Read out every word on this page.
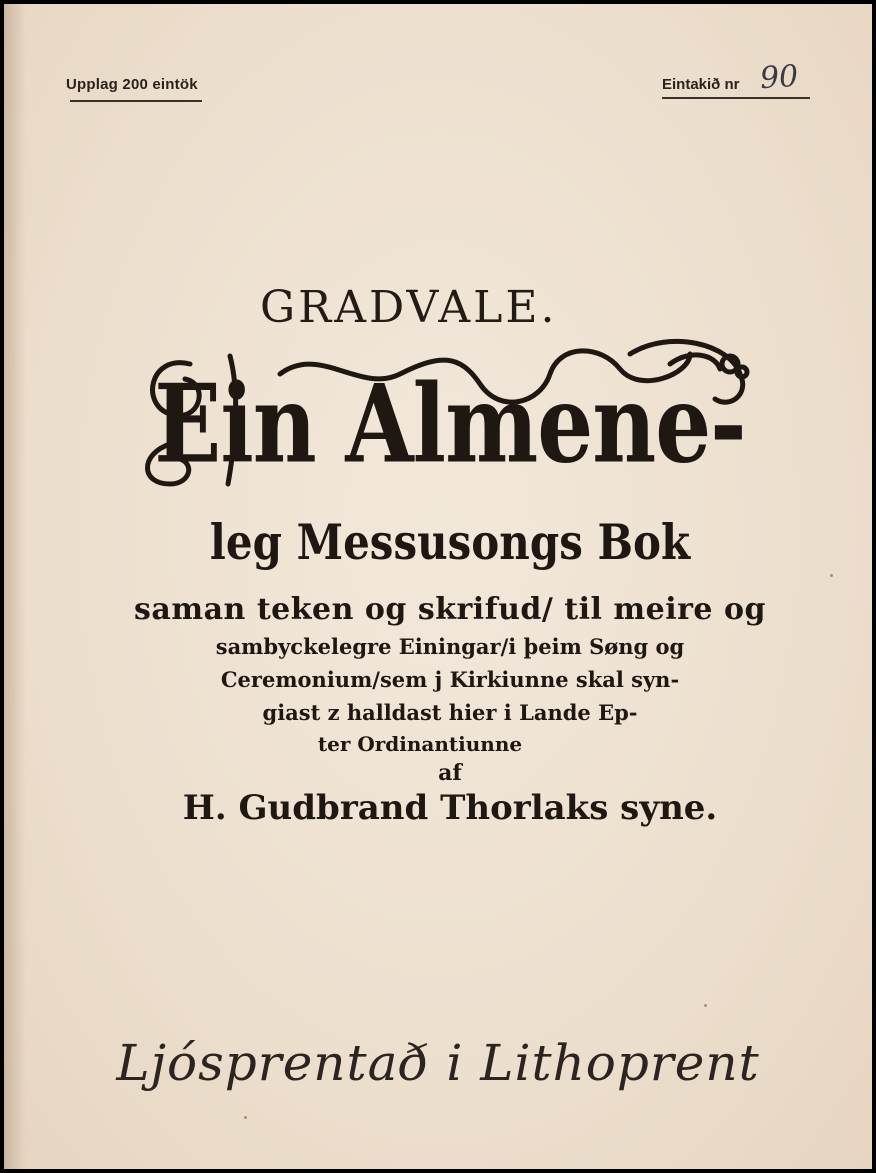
Upplag 200 eintök	Eintakið nr 90
GRADVALE.
Ein Almene-
leg Messusongs Bok
saman teken og skrifud/ til meire og
sambyckelegre Einingar/i þeim Søng og
Ceremonium/sem j Kirkiunne skal syn-
giast z halldast hier i Lande Ep-
ter Ordinantiunne
af
H. Gudbrand Thorlaks syne.
Ljósprentað i Lithoprent
